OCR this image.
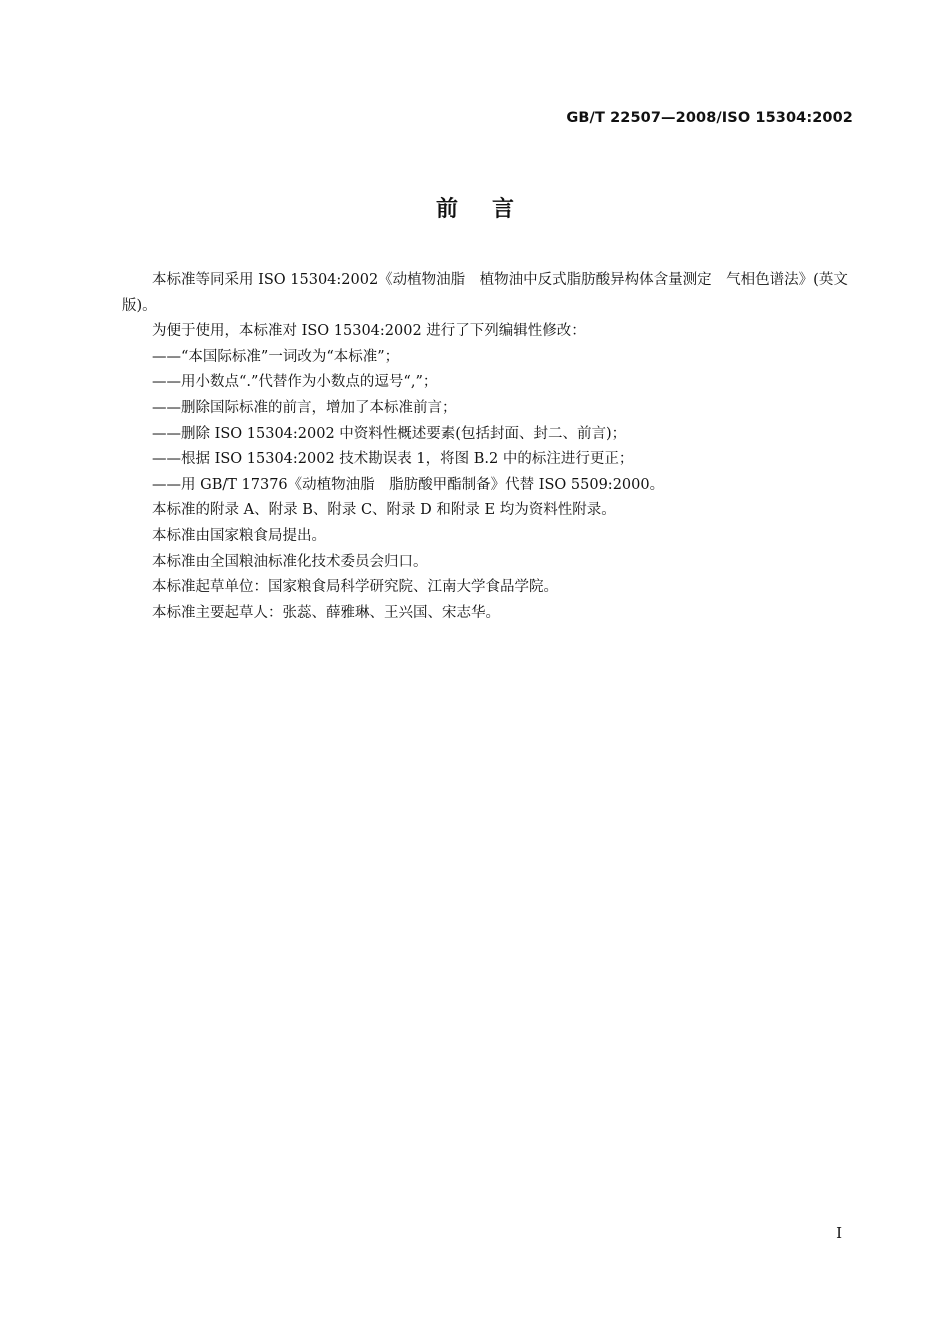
GB/T 22507—2008/ISO 15304:2002
前言

本标准等同采用 ISO 15304:2002《动植物油脂　植物油中反式脂肪酸异构体含量测定　气相色谱法》(英文版)。

为便于使用，本标准对 ISO 15304:2002 进行了下列编辑性修改：

——“本国际标准”一词改为“本标准”；

——用小数点“.”代替作为小数点的逗号“,”；

——删除国际标准的前言，增加了本标准前言；

——删除 ISO 15304:2002 中资料性概述要素(包括封面、封二、前言)；

——根据 ISO 15304:2002 技术勘误表 1，将图 B.2 中的标注进行更正；

——用 GB/T 17376《动植物油脂　脂肪酸甲酯制备》代替 ISO 5509:2000。

本标准的附录 A、附录 B、附录 C、附录 D 和附录 E 均为资料性附录。

本标准由国家粮食局提出。

本标准由全国粮油标准化技术委员会归口。

本标准起草单位：国家粮食局科学研究院、江南大学食品学院。

本标准主要起草人：张蕊、薛雅琳、王兴国、宋志华。

I
